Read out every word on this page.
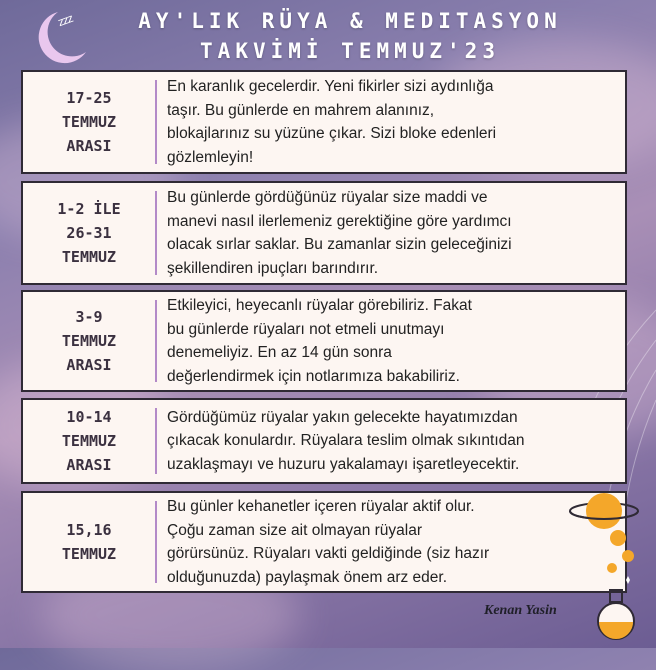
zzz	AY'LIK RÜYA & MEDITASYON
TAKVİMİ TEMMUZ'23
17-25
TEMMUZ
ARASI
En karanlık gecelerdir. Yeni fikirler sizi aydınlığa
taşır. Bu günlerde en mahrem alanınız,
blokajlarınız su yüzüne çıkar. Sizi bloke edenleri
gözlemleyin!
1-2 İLE
26-31
TEMMUZ
Bu günlerde gördüğünüz rüyalar size maddi ve
manevi nasıl ilerlemeniz gerektiğine göre yardımcı
olacak sırlar saklar. Bu zamanlar sizin geleceğinizi
şekillendiren ipuçları barındırır.
3-9
TEMMUZ
ARASI
Etkileyici, heyecanlı rüyalar görebiliriz. Fakat
bu günlerde rüyaları not etmeli unutmayı
denemeliyiz. En az 14 gün sonra
değerlendirmek için notlarımıza bakabiliriz.
10-14
TEMMUZ
ARASI
Gördüğümüz rüyalar yakın gelecekte hayatımızdan
çıkacak konulardır. Rüyalara teslim olmak sıkıntıdan
uzaklaşmayı ve huzuru yakalamayı işaretleyecektir.
15,16
TEMMUZ
Bu günler kehanetler içeren rüyalar aktif olur.
Çoğu zaman size ait olmayan rüyalar
görürsünüz. Rüyaları vakti geldiğinde (siz hazır
olduğunuzda) paylaşmak önem arz eder.
Kenan Yasin
